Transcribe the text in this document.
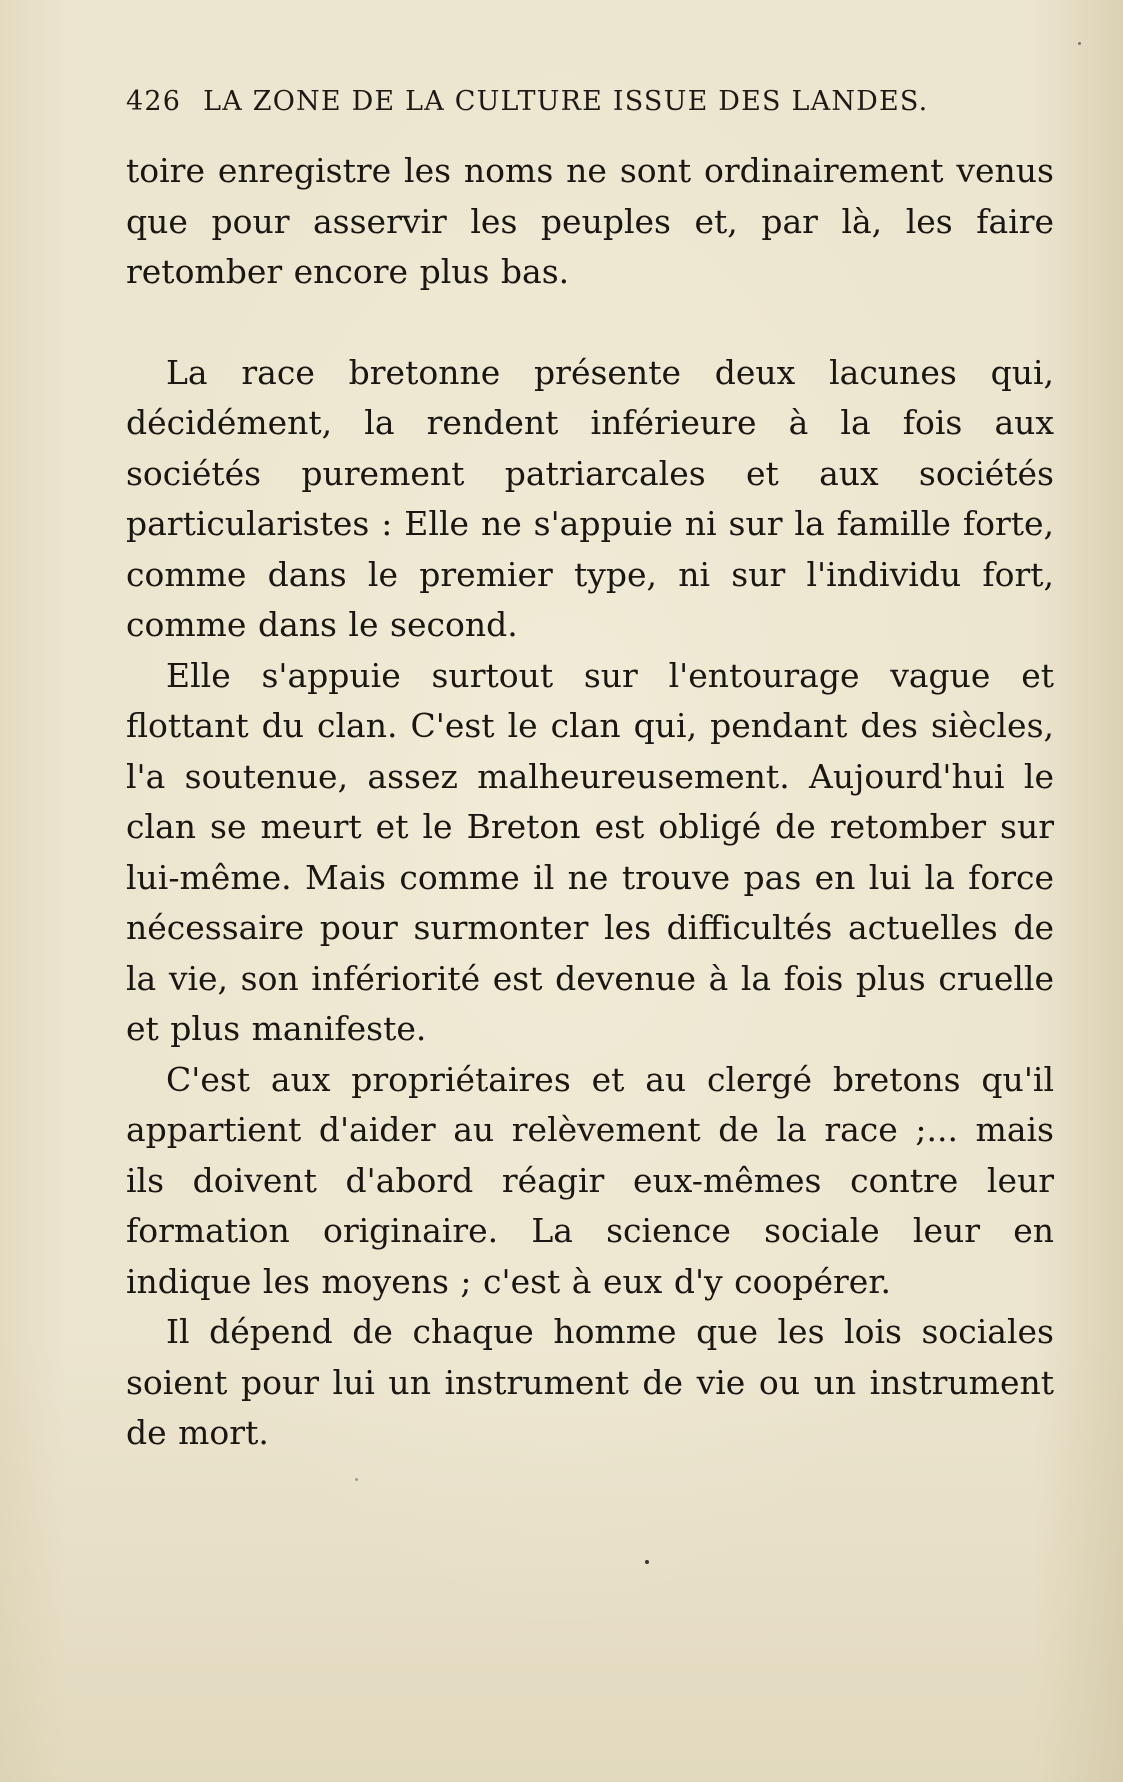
426 LA ZONE DE LA CULTURE ISSUE DES LANDES.

toire enregistre les noms ne sont ordinairement venus que pour asservir les peuples et, par là, les faire retomber encore plus bas.

La race bretonne présente deux lacunes qui, décidément, la rendent inférieure à la fois aux sociétés purement patriarcales et aux sociétés particularistes : Elle ne s'appuie ni sur la famille forte, comme dans le premier type, ni sur l'individu fort, comme dans le second.

Elle s'appuie surtout sur l'entourage vague et flottant du clan. C'est le clan qui, pendant des siècles, l'a soutenue, assez malheureusement. Aujourd'hui le clan se meurt et le Breton est obligé de retomber sur lui-même. Mais comme il ne trouve pas en lui la force nécessaire pour surmonter les difficultés actuelles de la vie, son infériorité est devenue à la fois plus cruelle et plus manifeste.

C'est aux propriétaires et au clergé bretons qu'il appartient d'aider au relèvement de la race ;... mais ils doivent d'abord réagir eux-mêmes contre leur formation originaire. La science sociale leur en indique les moyens ; c'est à eux d'y coopérer.

Il dépend de chaque homme que les lois sociales soient pour lui un instrument de vie ou un instrument de mort.
